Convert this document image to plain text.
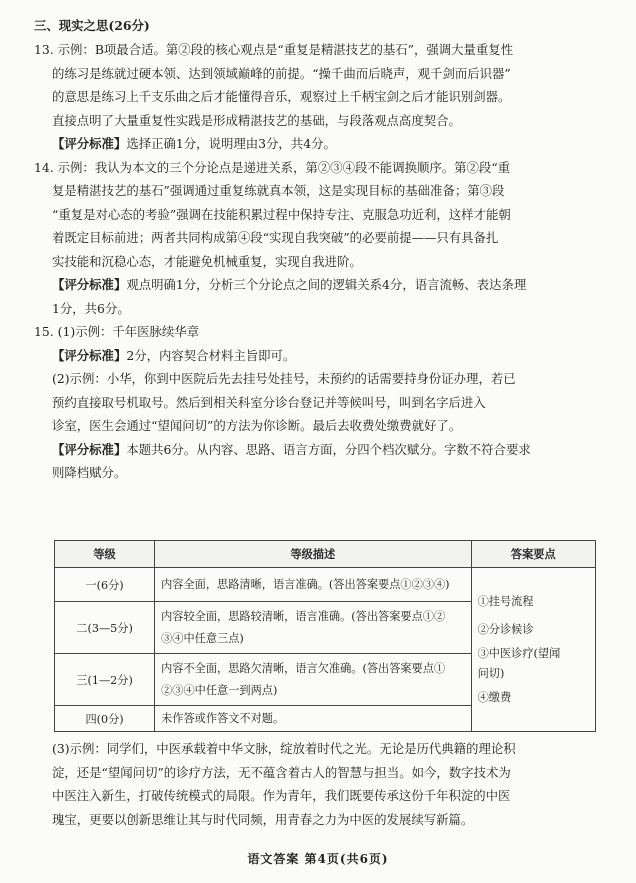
三、现实之思(26分)
13. 示例：B项最合适。第②段的核心观点是“重复是精湛技艺的基石”，强调大量重复性
的练习是练就过硬本领、达到领域巅峰的前提。“操千曲而后晓声，观千剑而后识器”
的意思是练习上千支乐曲之后才能懂得音乐，观察过上千柄宝剑之后才能识别剑器。
直接点明了大量重复性实践是形成精湛技艺的基础，与段落观点高度契合。
【评分标准】选择正确1分，说明理由3分，共4分。
14. 示例：我认为本文的三个分论点是递进关系，第②③④段不能调换顺序。第②段“重
复是精湛技艺的基石”强调通过重复练就真本领，这是实现目标的基础准备；第③段
“重复是对心态的考验”强调在技能积累过程中保持专注、克服急功近利，这样才能朝
着既定目标前进；两者共同构成第④段“实现自我突破”的必要前提——只有具备扎
实技能和沉稳心态，才能避免机械重复，实现自我进阶。
【评分标准】观点明确1分，分析三个分论点之间的逻辑关系4分，语言流畅、表达条理
1分，共6分。
15. (1)示例：千年医脉续华章
【评分标准】2分，内容契合材料主旨即可。
(2)示例：小华，你到中医院后先去挂号处挂号，未预约的话需要持身份证办理，若已
预约直接取号机取号。然后到相关科室分诊台登记并等候叫号，叫到名字后进入
诊室，医生会通过“望闻问切”的方法为你诊断。最后去收费处缴费就好了。
【评分标准】本题共6分。从内容、思路、语言方面，分四个档次赋分。字数不符合要求
则降档赋分。
等级	等级描述	答案要点
一(6分)	内容全面，思路清晰，语言准确。(答出答案要点①②③④)	①挂号流程
②分诊候诊
③中医诊疗(望闻
问切)
④缴费

二(3—5分)	内容较全面，思路较清晰，语言准确。(答出答案要点①②
③④中任意三点)	

三(1—2分)	内容不全面，思路欠清晰，语言欠准确。(答出答案要点①
②③④中任意一到两点)	

四(0分)	未作答或作答文不对题。	
(3)示例：同学们，中医承载着中华文脉，绽放着时代之光。无论是历代典籍的理论积
淀，还是“望闻问切”的诊疗方法，无不蕴含着古人的智慧与担当。如今，数字技术为
中医注入新生，打破传统模式的局限。作为青年，我们既要传承这份千年积淀的中医
瑰宝，更要以创新思维让其与时代同频，用青春之力为中医的发展续写新篇。
语文答案 第4页(共6页)
